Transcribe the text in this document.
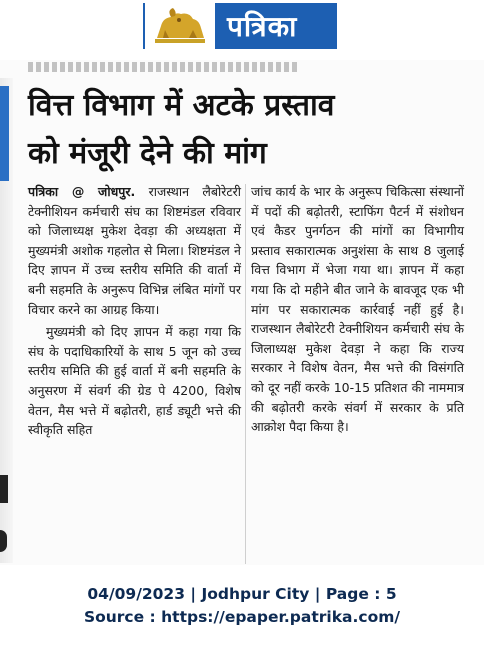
पत्रिका
वित्त विभाग में अटके प्रस्ताव
को मंजूरी देने की मांग

पत्रिका @ जोधपुर. राजस्थान लैबोरेटरी टेक्नीशियन कर्मचारी संघ का शिष्टमंडल रविवार को जिलाध्यक्ष मुकेश देवड़ा की अध्यक्षता में मुख्यमंत्री अशोक गहलोत से मिला। शिष्टमंडल ने दिए ज्ञापन में उच्च स्तरीय समिति की वार्ता में बनी सहमति के अनुरूप विभिन्न लंबित मांगों पर विचार करने का आग्रह किया।

मुख्यमंत्री को दिए ज्ञापन में कहा गया कि संघ के पदाधिकारियों के साथ 5 जून को उच्च स्तरीय समिति की हुई वार्ता में बनी सहमति के अनुसरण में संवर्ग की ग्रेड पे 4200, विशेष वेतन, मैस भत्ते में बढ़ोतरी, हार्ड ड्यूटी भत्ते की स्वीकृति सहित

जांच कार्य के भार के अनुरूप चिकित्सा संस्थानों में पदों की बढ़ोतरी, स्टाफिंग पैटर्न में संशोधन एवं कैडर पुनर्गठन की मांगों का विभागीय प्रस्ताव सकारात्मक अनुशंसा के साथ 8 जुलाई वित्त विभाग में भेजा गया था। ज्ञापन में कहा गया कि दो महीने बीत जाने के बावजूद एक भी मांग पर सकारात्मक कार्रवाई नहीं हुई है। राजस्थान लैबोरेटरी टेक्नीशियन कर्मचारी संघ के जिलाध्यक्ष मुकेश देवड़ा ने कहा कि राज्य सरकार ने विशेष वेतन, मैस भत्ते की विसंगति को दूर नहीं करके 10-15 प्रतिशत की नाममात्र की बढ़ोतरी करके संवर्ग में सरकार के प्रति आक्रोश पैदा किया है।

04/09/2023 | Jodhpur City | Page : 5
Source : https://epaper.patrika.com/
